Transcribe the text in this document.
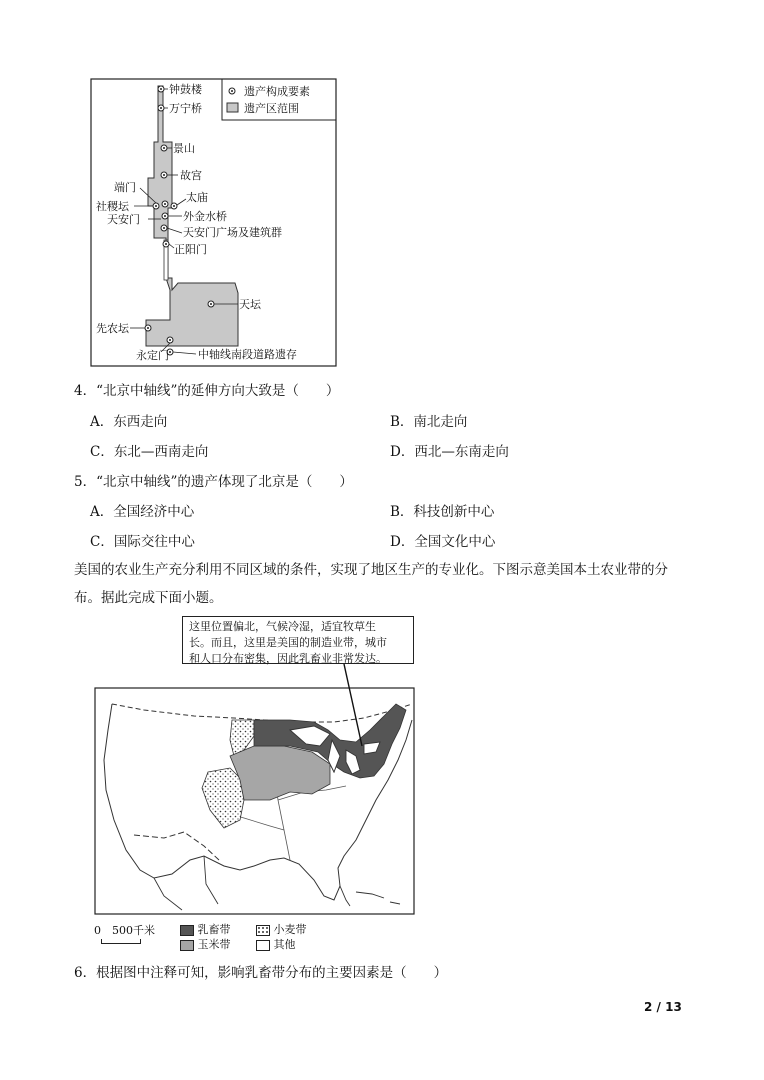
遗产构成要素
遗产区范围
钟鼓楼
万宁桥
景山
故宫
端门
太庙
社稷坛
外金水桥
天安门
天安门广场及建筑群
正阳门
天坛
先农坛
永定门	中轴线南段道路遗存
4．“北京中轴线”的延伸方向大致是（　　）
A．东西走向	B．南北走向
C．东北—西南走向	D．西北—东南走向
5．“北京中轴线”的遗产体现了北京是（　　）
A．全国经济中心	B．科技创新中心
C．国际交往中心	D．全国文化中心
美国的农业生产充分利用不同区域的条件，实现了地区生产的专业化。下图示意美国本土农业带的分
布。据此完成下面小题。
这里位置偏北，气候冷湿，适宜牧草生
长。而且，这里是美国的制造业带，城市
和人口分布密集，因此乳畜业非常发达。
0　500千米	乳畜带	小麦带
玉米带	其他
6．根据图中注释可知，影响乳畜带分布的主要因素是（　　）
2 / 13
